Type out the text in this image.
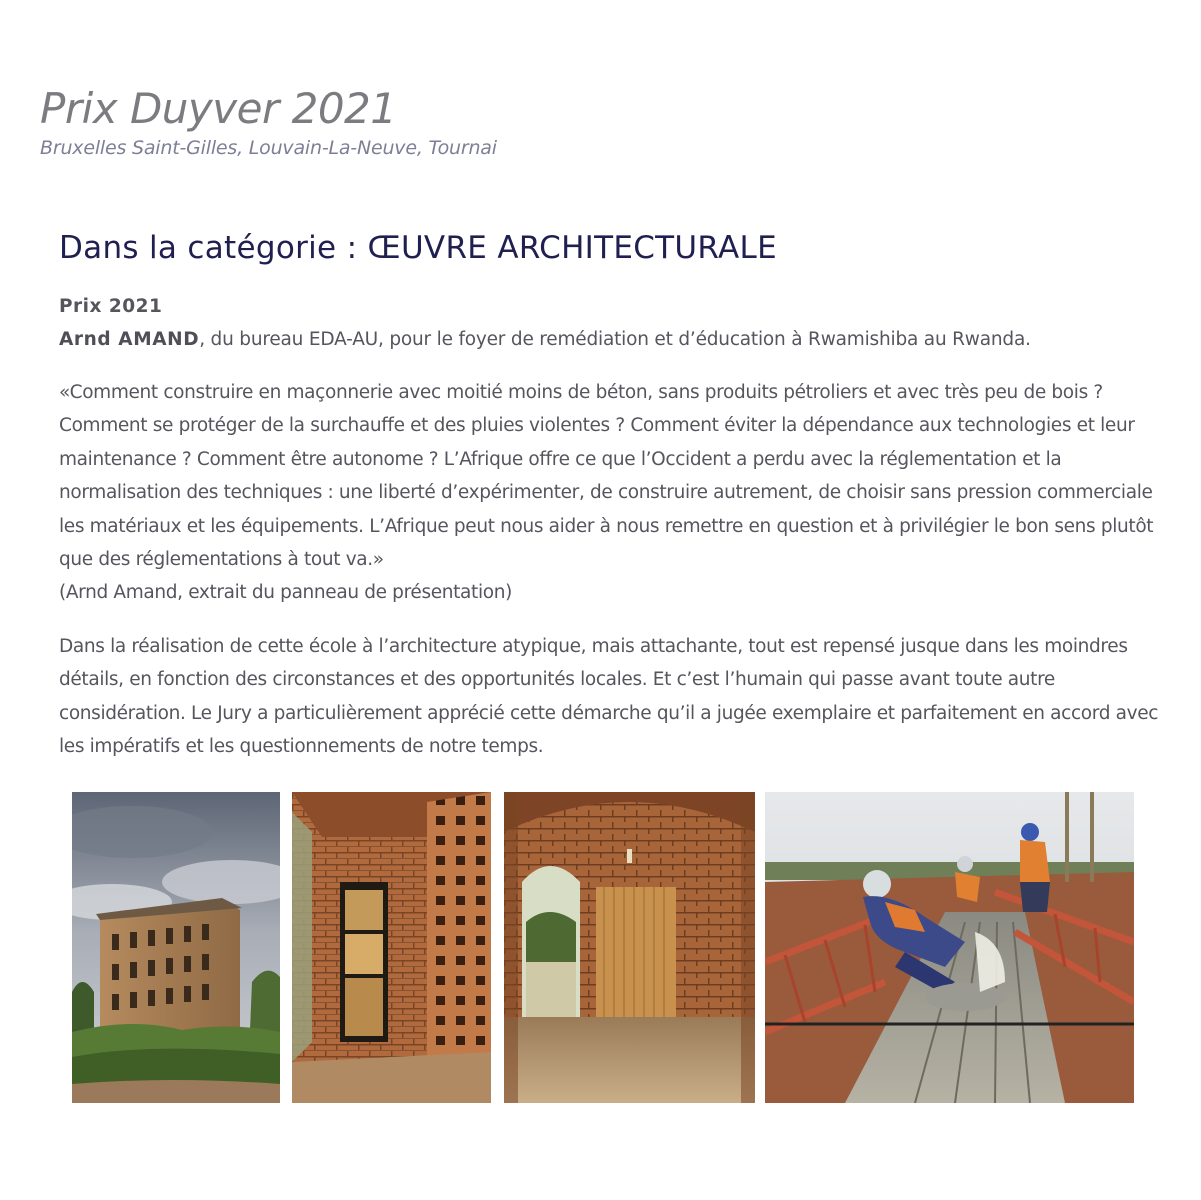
Prix Duyver 2021

Bruxelles Saint-Gilles, Louvain-La-Neuve, Tournai

Dans la catégorie : ŒUVRE ARCHITECTURALE

Prix 2021

Arnd AMAND, du bureau EDA-AU, pour le foyer de remédiation et d’éducation à Rwamishiba au Rwanda.

«Comment construire en maçonnerie avec moitié moins de béton, sans produits pétroliers et avec très peu de bois ? Comment se protéger de la surchauffe et des pluies violentes ? Comment éviter la dépendance aux technologies et leur maintenance ? Comment être autonome ? L’Afrique offre ce que l’Occident a perdu avec la réglementation et la normalisation des techniques : une liberté d’expérimenter, de construire autrement, de choisir sans pression commerciale les matériaux et les équipements. L’Afrique peut nous aider à nous remettre en question et à privilégier le bon sens plutôt que des réglementations à tout va.»
(Arnd Amand, extrait du panneau de présentation)

Dans la réalisation de cette école à l’architecture atypique, mais attachante, tout est repensé jusque dans les moindres détails, en fonction des circonstances et des opportunités locales. Et c’est l’humain qui passe avant toute autre considération. Le Jury a particulièrement apprécié cette démarche qu’il a jugée exemplaire et parfaitement en accord avec les impératifs et les questionnements de notre temps.
